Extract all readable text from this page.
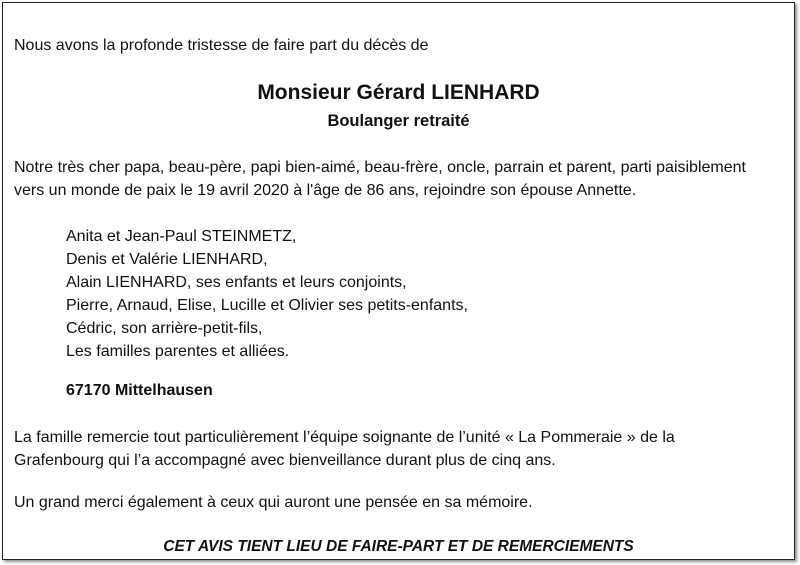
Nous avons la profonde tristesse de faire part du décès de
Monsieur Gérard LIENHARD
Boulanger retraité
Notre très cher papa, beau-père, papi bien-aimé, beau-frère, oncle, parrain et parent, parti paisiblement
vers un monde de paix le 19 avril 2020 à l'âge de 86 ans, rejoindre son épouse Annette.
Anita et Jean-Paul STEINMETZ,
Denis et Valérie LIENHARD,
Alain LIENHARD, ses enfants et leurs conjoints,
Pierre, Arnaud, Elise, Lucille et Olivier ses petits-enfants,
Cédric, son arrière-petit-fils,
Les familles parentes et alliées.
67170 Mittelhausen
La famille remercie tout particulièrement l’équipe soignante de l’unité « La Pommeraie » de la
Grafenbourg qui l’a accompagné avec bienveillance durant plus de cinq ans.
Un grand merci également à ceux qui auront une pensée en sa mémoire.
CET AVIS TIENT LIEU DE FAIRE-PART ET DE REMERCIEMENTS
